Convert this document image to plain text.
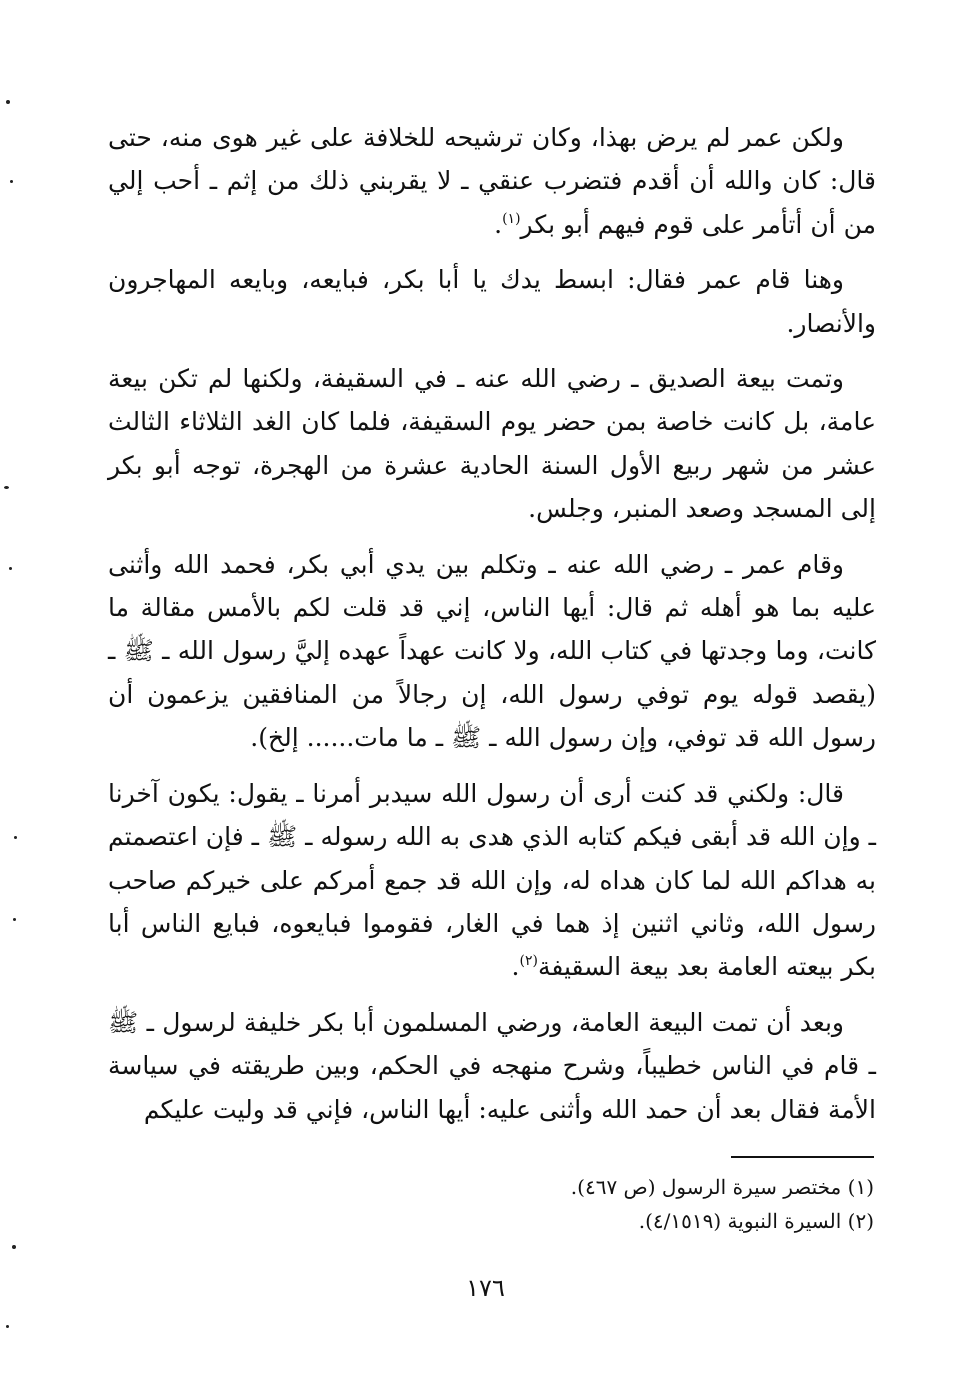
ولكن عمر لم يرض بهذا، وكان ترشيحه للخلافة على غير هوى منه، حتى قال: كان والله أن أقدم فتضرب عنقي ـ لا يقربني ذلك من إثم ـ أحب إلي من أن أتأمر على قوم فيهم أبو بكر$^{(١)}$.

وهنا قام عمر فقال: ابسط يدك يا أبا بكر، فبايعه، وبايعه المهاجرون والأنصار.

وتمت بيعة الصديق ـ رضي الله عنه ـ في السقيفة، ولكنها لم تكن بيعة عامة، بل كانت خاصة بمن حضر يوم السقيفة، فلما كان الغد الثلاثاء الثالث عشر من شهر ربيع الأول السنة الحادية عشرة من الهجرة، توجه أبو بكر إلى المسجد وصعد المنبر، وجلس.

وقام عمر ـ رضي الله عنه ـ وتكلم بين يدي أبي بكر، فحمد الله وأثنى عليه بما هو أهله ثم قال: أيها الناس، إني قد قلت لكم بالأمس مقالة ما كانت، وما وجدتها في كتاب الله، ولا كانت عهداً عهده إليَّ رسول الله ـ ﷺ ـ (يقصد قوله يوم توفي رسول الله، إن رجالاً من المنافقين يزعمون أن رسول الله قد توفي، وإن رسول الله ـ ﷺ ـ ما مات...... إلخ).

قال: ولكني قد كنت أرى أن رسول الله سيدبر أمرنا ـ يقول: يكون آخرنا ـ وإن الله قد أبقى فيكم كتابه الذي هدى به الله رسوله ـ ﷺ ـ فإن اعتصمتم به هداكم الله لما كان هداه له، وإن الله قد جمع أمركم على خيركم صاحب رسول الله، وثاني اثنين إذ هما في الغار، فقوموا فبايعوه، فبايع الناس أبا بكر بيعته العامة بعد بيعة السقيفة$^{(٢)}$.

وبعد أن تمت البيعة العامة، ورضي المسلمون أبا بكر خليفة لرسول ـ ﷺ ـ قام في الناس خطيباً، وشرح منهجه في الحكم، وبين طريقته في سياسة الأمة فقال بعد أن حمد الله وأثنى عليه: أيها الناس، فإني قد وليت عليكم

(١) مختصر سيرة الرسول (ص ٤٦٧).
(٢) السيرة النبوية (٤/١٥١٩).
١٧٦
